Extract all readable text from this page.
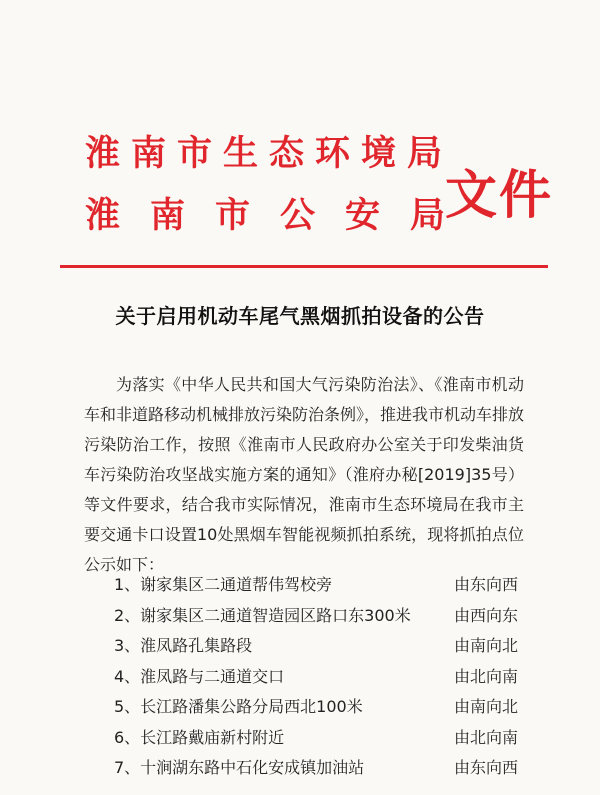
淮南市生态环境局
淮南市公安局
文件
关于启用机动车尾气黑烟抓拍设备的公告

为落实《中华人民共和国大气污染防治法》、《淮南市机动车和非道路移动机械排放污染防治条例》，推进我市机动车排放污染防治工作，按照《淮南市人民政府办公室关于印发柴油货车污染防治攻坚战实施方案的通知》（淮府办秘[2019]35号）等文件要求，结合我市实际情况，淮南市生态环境局在我市主要交通卡口设置10处黑烟车智能视频抓拍系统，现将抓拍点位公示如下：

1、谢家集区二通道帮伟驾校旁	由东向西
2、谢家集区二通道智造园区路口东300米	由西向东
3、淮凤路孔集路段	由南向北
4、淮凤路与二通道交口	由北向南
5、长江路潘集公路分局西北100米	由南向北
6、长江路戴庙新村附近	由北向南
7、十涧湖东路中石化安成镇加油站	由东向西
